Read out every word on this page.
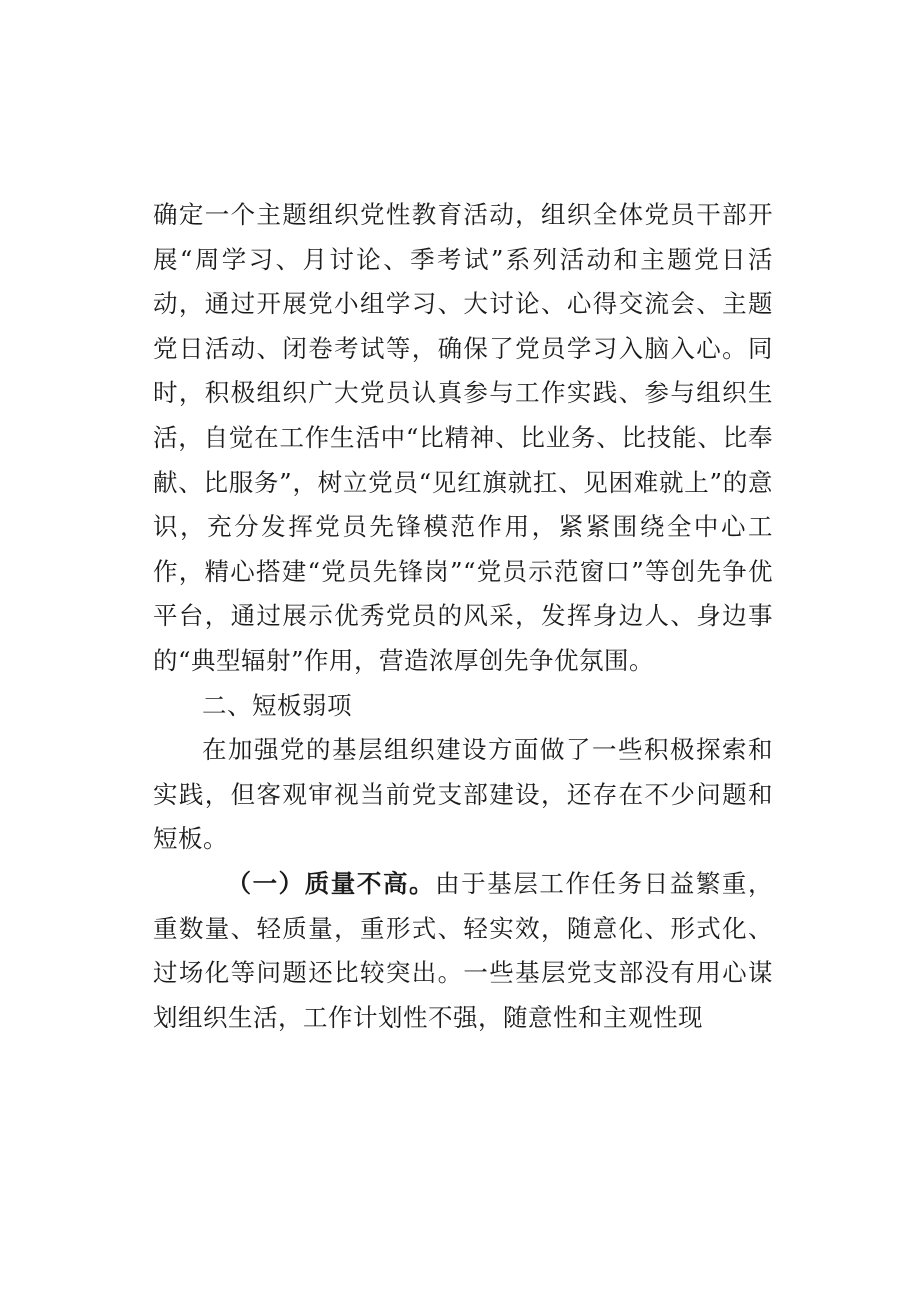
确定一个主题组织党性教育活动，组织全体党员干部开展“周学习、月讨论、季考试”系列活动和主题党日活动，通过开展党小组学习、大讨论、心得交流会、主题党日活动、闭卷考试等，确保了党员学习入脑入心。同时，积极组织广大党员认真参与工作实践、参与组织生活，自觉在工作生活中“比精神、比业务、比技能、比奉献、比服务”，树立党员“见红旗就扛、见困难就上”的意识，充分发挥党员先锋模范作用，紧紧围绕全中心工作，精心搭建“党员先锋岗”“党员示范窗口”等创先争优平台，通过展示优秀党员的风采，发挥身边人、身边事的“典型辐射”作用，营造浓厚创先争优氛围。

二、短板弱项

在加强党的基层组织建设方面做了一些积极探索和实践，但客观审视当前党支部建设，还存在不少问题和短板。

（一）质量不高。由于基层工作任务日益繁重，重数量、轻质量，重形式、轻实效，随意化、形式化、过场化等问题还比较突出。一些基层党支部没有用心谋划组织生活，工作计划性不强，随意性和主观性现
